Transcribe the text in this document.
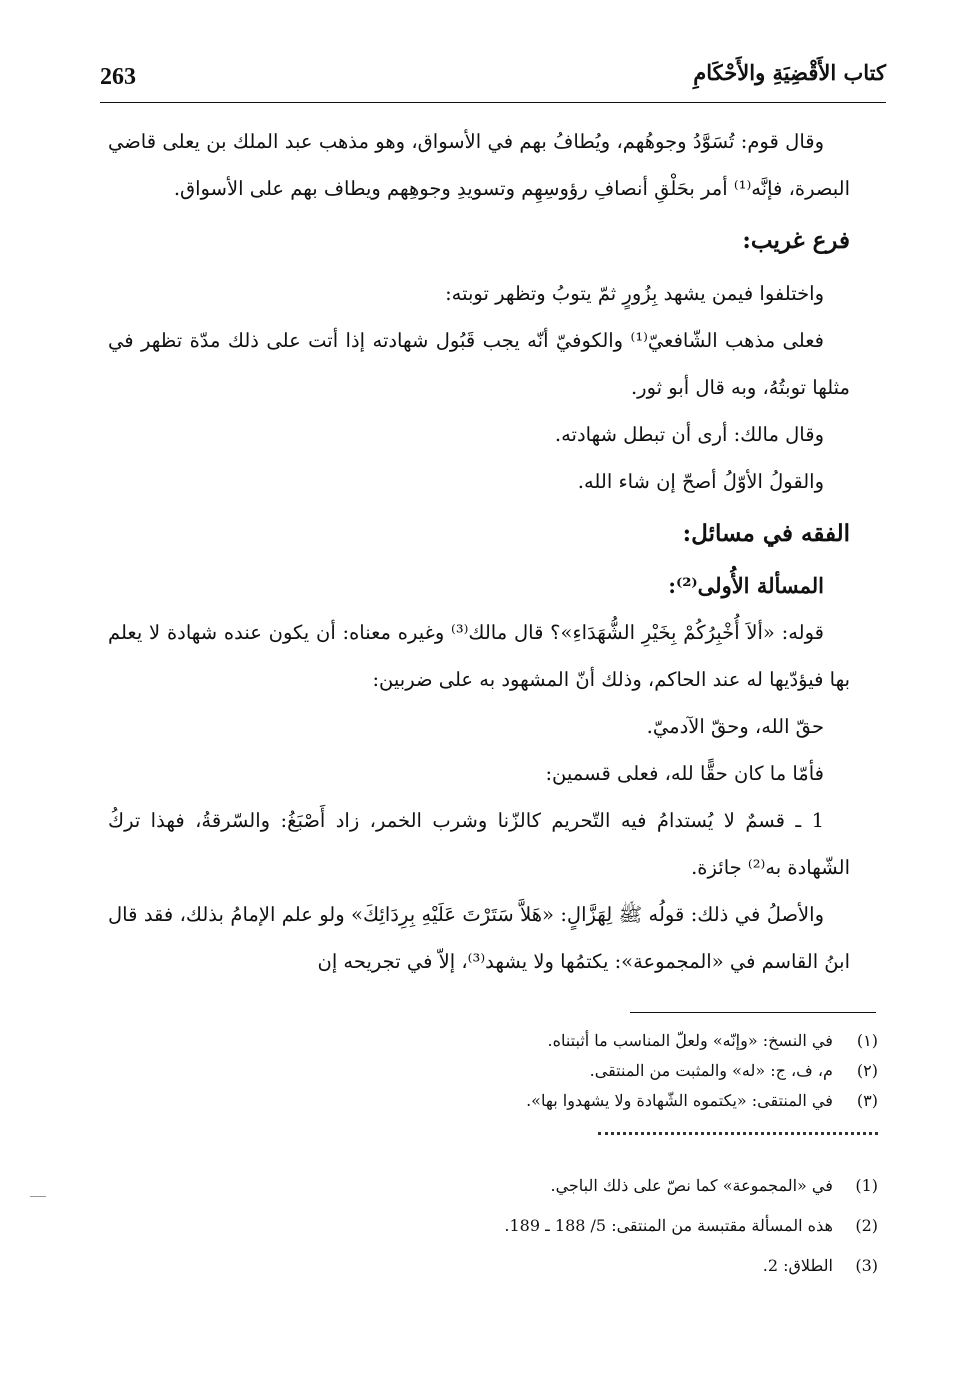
263	كتاب الأَقْضِيَةِ والأَحْكَامِ

وقال قوم: تُسَوَّدُ وجوهُهم، ويُطافُ بهم في الأسواق، وهو مذهب عبد الملك بن يعلى قاضي البصرة، فإنَّه⁽¹⁾ أمر بحَلْقِ أنصافِ رؤوسِهِم وتسويدِ وجوهِهم ويطاف بهم على الأسواق.

فرع غريب:

واختلفوا فيمن يشهد بِزُورٍ ثمّ يتوبُ وتظهر توبته:

فعلى مذهب الشّافعيّ⁽¹⁾ والكوفيّ أنّه يجب قَبُول شهادته إذا أتت على ذلك مدّة تظهر في مثلها توبتُهُ، وبه قال أبو ثور.

وقال مالك: أرى أن تبطل شهادته.

والقولُ الأوّلُ أصحّ إن شاء الله.

الفقه في مسائل:

المسألة الأُولى⁽²⁾:

قوله: «ألاَ أُخْبِرُكُمْ بِخَيْرِ الشُّهَدَاءِ»؟ قال مالك⁽³⁾ وغيره معناه: أن يكون عنده شهادة لا يعلم بها فيؤدّيها له عند الحاكم، وذلك أنّ المشهود به على ضربين:

حقّ الله، وحقّ الآدميّ.

فأمّا ما كان حقًّا لله، فعلى قسمين:

1 ـ قسمٌ لا يُستدامُ فيه التّحريم كالزّنا وشرب الخمر، زاد أَصْبَغُ: والسّرقةُ، فهذا تركُ الشّهادة به⁽²⁾ جائزة.

والأصلُ في ذلك: قولُه ﷺ لِهَزَّالٍ: «هَلاَّ سَتَرْتَ عَلَيْهِ بِرِدَائِكَ» ولو علم الإمامُ بذلك، فقد قال ابنُ القاسم في «المجموعة»: يكتمُها ولا يشهد⁽³⁾، إلاّ في تجريحه إن

(١) في النسخ: «وإنّه» ولعلّ المناسب ما أثبتناه.
(٢) م، ف، ج: «له» والمثبت من المنتقى.
(٣) في المنتقى: «يكتموه الشّهادة ولا يشهدوا بها».
(1) في «المجموعة» كما نصّ على ذلك الباجي.
(2) هذه المسألة مقتبسة من المنتقى: 5/ 188 ـ 189.
(3) الطلاق: 2.
